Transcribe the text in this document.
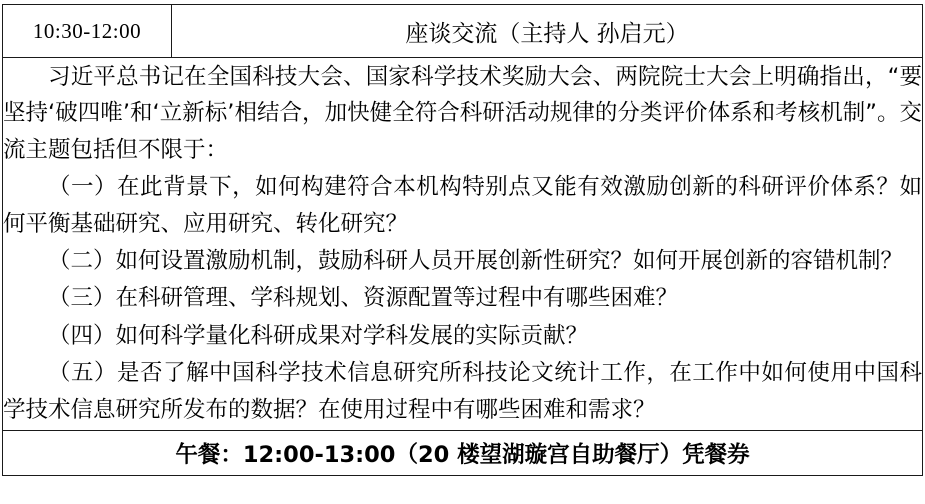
10:30-12:00	座谈交流（主持人 孙启元）

习近平总书记在全国科技大会、国家科学技术奖励大会、两院院士大会上明确指出，“要坚持‘破四唯’和‘立新标’相结合，加快健全符合科研活动规律的分类评价体系和考核机制”。交流主题包括但不限于：

（一）在此背景下，如何构建符合本机构特别点又能有效激励创新的科研评价体系？如何平衡基础研究、应用研究、转化研究？

（二）如何设置激励机制，鼓励科研人员开展创新性研究？如何开展创新的容错机制？

（三）在科研管理、学科规划、资源配置等过程中有哪些困难？

（四）如何科学量化科研成果对学科发展的实际贡献？

（五）是否了解中国科学技术信息研究所科技论文统计工作，在工作中如何使用中国科学技术信息研究所发布的数据？在使用过程中有哪些困难和需求？

午餐：12:00-13:00（20 楼望湖璇宫自助餐厅）凭餐券
